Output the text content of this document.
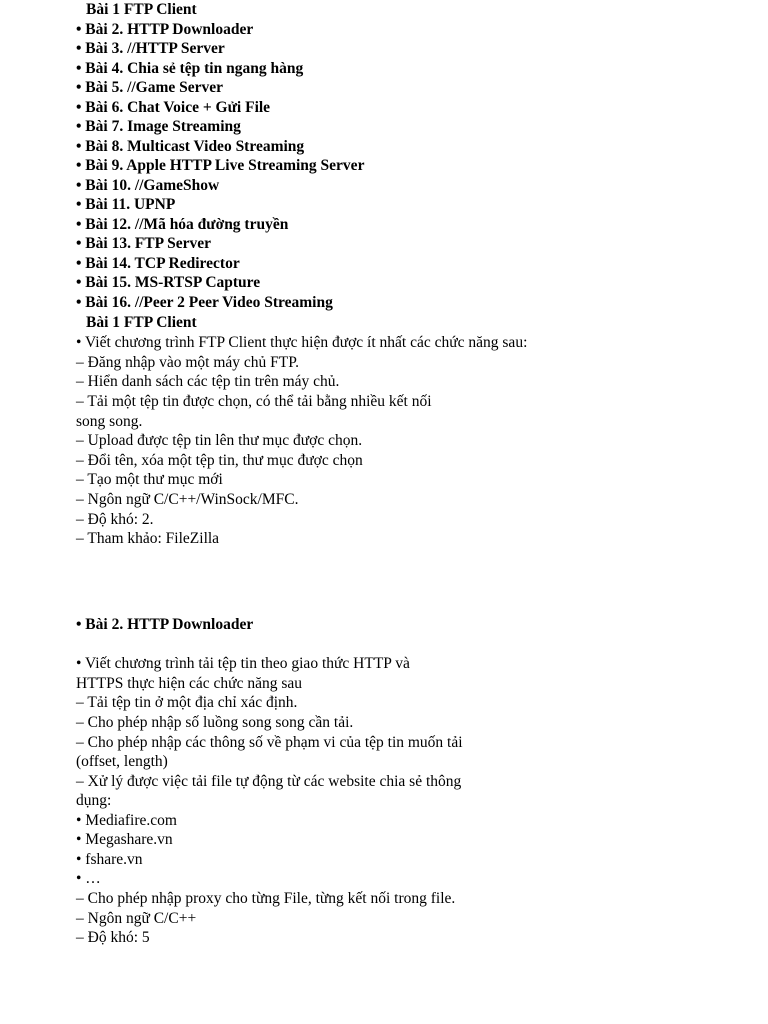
Bài 1 FTP Client
• Bài 2. HTTP Downloader
• Bài 3. //HTTP Server
• Bài 4. Chia sẻ tệp tin ngang hàng
• Bài 5. //Game Server
• Bài 6. Chat Voice + Gửi File
• Bài 7. Image Streaming
• Bài 8. Multicast Video Streaming
• Bài 9. Apple HTTP Live Streaming Server
• Bài 10. //GameShow
• Bài 11. UPNP
• Bài 12. //Mã hóa đường truyền
• Bài 13. FTP Server
• Bài 14. TCP Redirector
• Bài 15. MS-RTSP Capture
• Bài 16. //Peer 2 Peer Video Streaming
Bài 1 FTP Client
• Viết chương trình FTP Client thực hiện được ít nhất các chức năng sau:
– Đăng nhập vào một máy chủ FTP.
– Hiển danh sách các tệp tin trên máy chủ.
– Tải một tệp tin được chọn, có thể tải bằng nhiều kết nối
song song.
– Upload được tệp tin lên thư mục được chọn.
– Đổi tên, xóa một tệp tin, thư mục được chọn
– Tạo một thư mục mới
– Ngôn ngữ C/C++/WinSock/MFC.
– Độ khó: 2.
– Tham khảo: FileZilla
• Bài 2. HTTP Downloader
• Viết chương trình tải tệp tin theo giao thức HTTP và
HTTPS thực hiện các chức năng sau
– Tải tệp tin ở một địa chỉ xác định.
– Cho phép nhập số luồng song song cần tải.
– Cho phép nhập các thông số về phạm vi của tệp tin muốn tải
(offset, length)
– Xử lý được việc tải file tự động từ các website chia sẻ thông
dụng:
• Mediafire.com
• Megashare.vn
• fshare.vn
• …
– Cho phép nhập proxy cho từng File, từng kết nối trong file.
– Ngôn ngữ C/C++
– Độ khó: 5
